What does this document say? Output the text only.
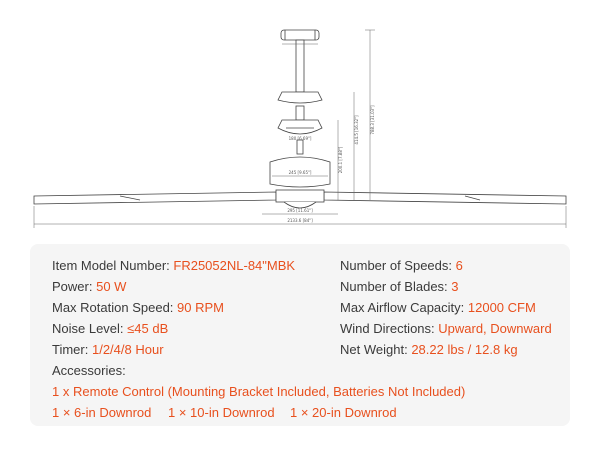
180 [6.69"]
245 [9.65"]
295 [11.61"]
2133.6 [84"]
788.3 [31.03"]
414.5 [16.32"]
200.1 [7.88"]
Item Model Number: FR25052NL-84"MBK
Power: 50 W
Max Rotation Speed: 90 RPM
Noise Level: ≤45 dB
Timer: 1/2/4/8 Hour
Number of Speeds: 6
Number of Blades: 3
Max Airflow Capacity: 12000 CFM
Wind Directions: Upward, Downward
Net Weight: 28.22 lbs / 12.8 kg
Accessories:
1 x Remote Control (Mounting Bracket Included, Batteries Not Included)
1 × 6-in Downrod 1 × 10-in Downrod 1 × 20-in Downrod
